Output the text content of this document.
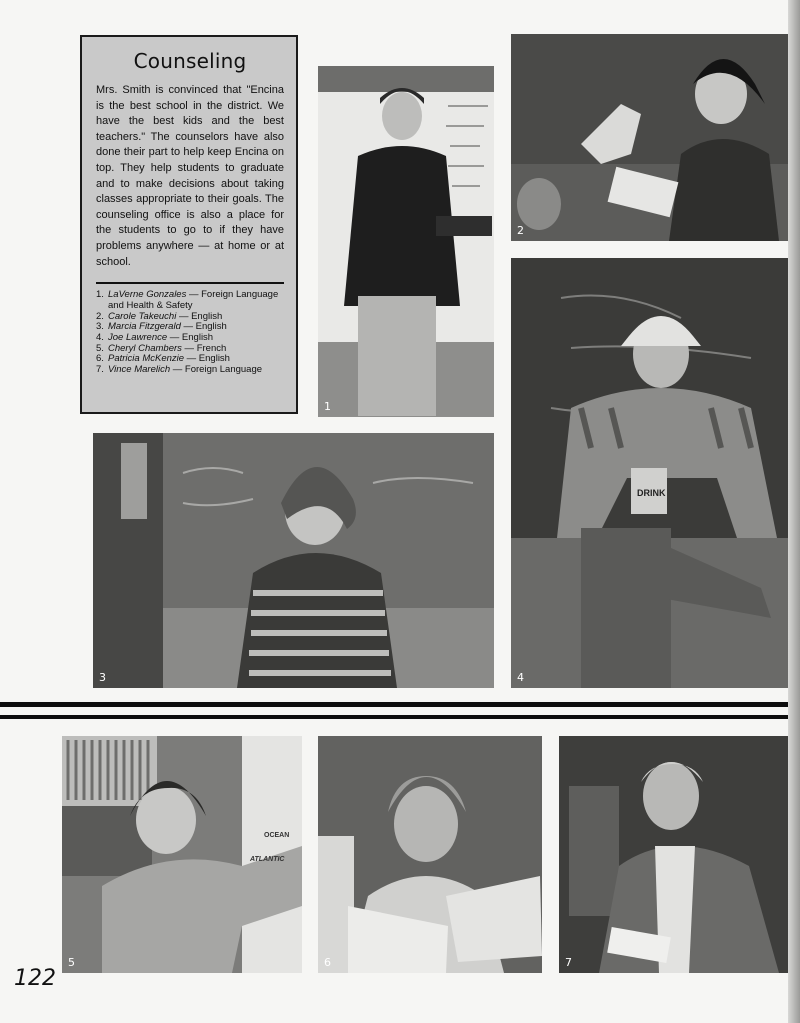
Counseling

Mrs. Smith is convinced that "Encina is the best school in the district. We have the best kids and the best teachers." The counselors have also done their part to help keep Encina on top. They help students to graduate and to make decisions about taking classes appropriate to their goals. The counseling office is also a place for the students to go to if they have problems anywhere — at home or at school.

1. LaVerne Gonzales — Foreign Language and Health & Safety
2. Carole Takeuchi — English
3. Marcia Fitzgerald — English
4. Joe Lawrence — English
5. Cheryl Chambers — French
6. Patricia McKenzie — English
7. Vince Marelich — Foreign Language
1
2
DRINK
4
3
OCEAN
ATLANTIC
5	6	7
122
